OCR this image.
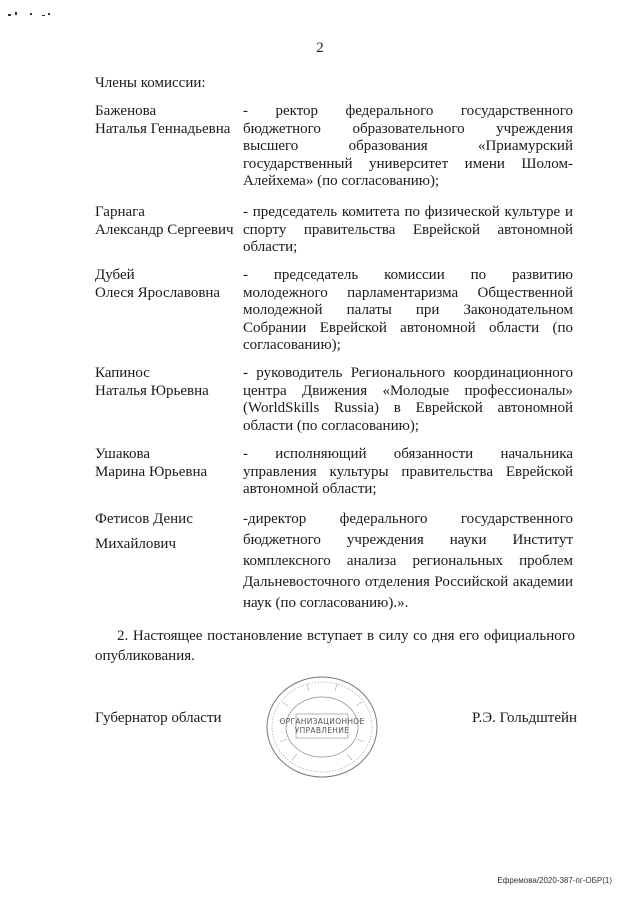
2
Члены комиссии:
Баженова
Наталья Геннадьевна
- ректор федерального государственного бюджетного образовательного учреждения высшего образования «Приамурский государственный университет имени Шолом-Алейхема» (по согласованию);
Гарнага
Александр Сергеевич
- председатель комитета по физической культуре и спорту правительства Еврейской автономной области;
Дубей
Олеся Ярославовна
- председатель комиссии по развитию молодежного парламентаризма Общественной молодежной палаты при Законодательном Собрании Еврейской автономной области (по согласованию);
Капинос
Наталья Юрьевна
- руководитель Регионального координационного центра Движения «Молодые профессионалы» (WorldSkills Russia) в Еврейской автономной области (по согласованию);
Ушакова
Марина Юрьевна
- исполняющий обязанности начальника управления культуры правительства Еврейской автономной области;
Фетисов Денис
Михайлович
-директор федерального государственного бюджетного учреждения науки Институт комплексного анализа региональных проблем Дальневосточного отделения Российской академии наук (по согласованию).».
2. Настоящее постановление вступает в силу со дня его официального опубликования.
Губернатор области	ОРГАНИЗАЦИОННОЕ
УПРАВЛЕНИЕ
Р.Э. Гольдштейн
Ефремова/2020-387-пг-ОБР(1)
